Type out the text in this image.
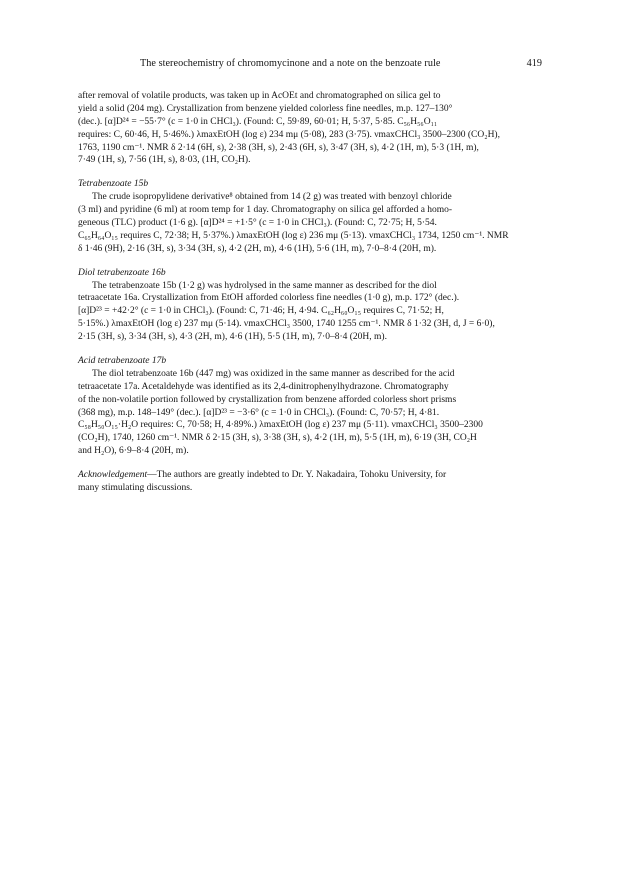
The stereochemistry of chromomycinone and a note on the benzoate rule	419
after removal of volatile products, was taken up in AcOEt and chromatographed on silica gel to
yield a solid (204 mg). Crystallization from benzene yielded colorless fine needles, m.p. 127–130°
(dec.). [α]D²⁴ = −55·7° (c = 1·0 in CHCl₃). (Found: C, 59·89, 60·01; H, 5·37, 5·85. C₅₆H₅₆O₁₁
requires: C, 60·46, H, 5·46%.) λmaxEtOH (log ε) 234 mμ (5·08), 283 (3·75). νmaxCHCl₃ 3500–2300 (CO₂H),
1763, 1190 cm⁻¹. NMR δ 2·14 (6H, s), 2·38 (3H, s), 2·43 (6H, s), 3·47 (3H, s), 4·2 (1H, m), 5·3 (1H, m),
7·49 (1H, s), 7·56 (1H, s), 8·03, (1H, CO₂H).
Tetrabenzoate 15b
The crude isopropylidene derivative⁸ obtained from 14 (2 g) was treated with benzoyl chloride
(3 ml) and pyridine (6 ml) at room temp for 1 day. Chromatography on silica gel afforded a homo-
geneous (TLC) product (1·6 g). [α]D²⁴ = +1·5° (c = 1·0 in CHCl₃). (Found: C, 72·75; H, 5·54.
C₆₅H₆₄O₁₅ requires C, 72·38; H, 5·37%.) λmaxEtOH (log ε) 236 mμ (5·13). νmaxCHCl₃ 1734, 1250 cm⁻¹. NMR
δ 1·46 (9H), 2·16 (3H, s), 3·34 (3H, s), 4·2 (2H, m), 4·6 (1H), 5·6 (1H, m), 7·0–8·4 (20H, m).
Diol tetrabenzoate 16b
The tetrabenzoate 15b (1·2 g) was hydrolysed in the same manner as described for the diol
tetraacetate 16a. Crystallization from EtOH afforded colorless fine needles (1·0 g), m.p. 172° (dec.).
[α]D²³ = +42·2° (c = 1·0 in CHCl₃). (Found: C, 71·46; H, 4·94. C₆₂H₆₀O₁₅ requires C, 71·52; H,
5·15%.) λmaxEtOH (log ε) 237 mμ (5·14). νmaxCHCl₃ 3500, 1740 1255 cm⁻¹. NMR δ 1·32 (3H, d, J = 6·0),
2·15 (3H, s), 3·34 (3H, s), 4·3 (2H, m), 4·6 (1H), 5·5 (1H, m), 7·0–8·4 (20H, m).
Acid tetrabenzoate 17b
The diol tetrabenzoate 16b (447 mg) was oxidized in the same manner as described for the acid
tetraacetate 17a. Acetaldehyde was identified as its 2,4-dinitrophenylhydrazone. Chromatography
of the non-volatile portion followed by crystallization from benzene afforded colorless short prisms
(368 mg), m.p. 148–149° (dec.). [α]D²³ = −3·6° (c = 1·0 in CHCl₃). (Found: C, 70·57; H, 4·81.
C₅₈H₅₀O₁₅·H₂O requires: C, 70·58; H, 4·89%.) λmaxEtOH (log ε) 237 mμ (5·11). νmaxCHCl₃ 3500–2300
(CO₂H), 1740, 1260 cm⁻¹. NMR δ 2·15 (3H, s), 3·38 (3H, s), 4·2 (1H, m), 5·5 (1H, m), 6·19 (3H, CO₂H
and H₂O), 6·9–8·4 (20H, m).
Acknowledgement—The authors are greatly indebted to Dr. Y. Nakadaira, Tohoku University, for
many stimulating discussions.
